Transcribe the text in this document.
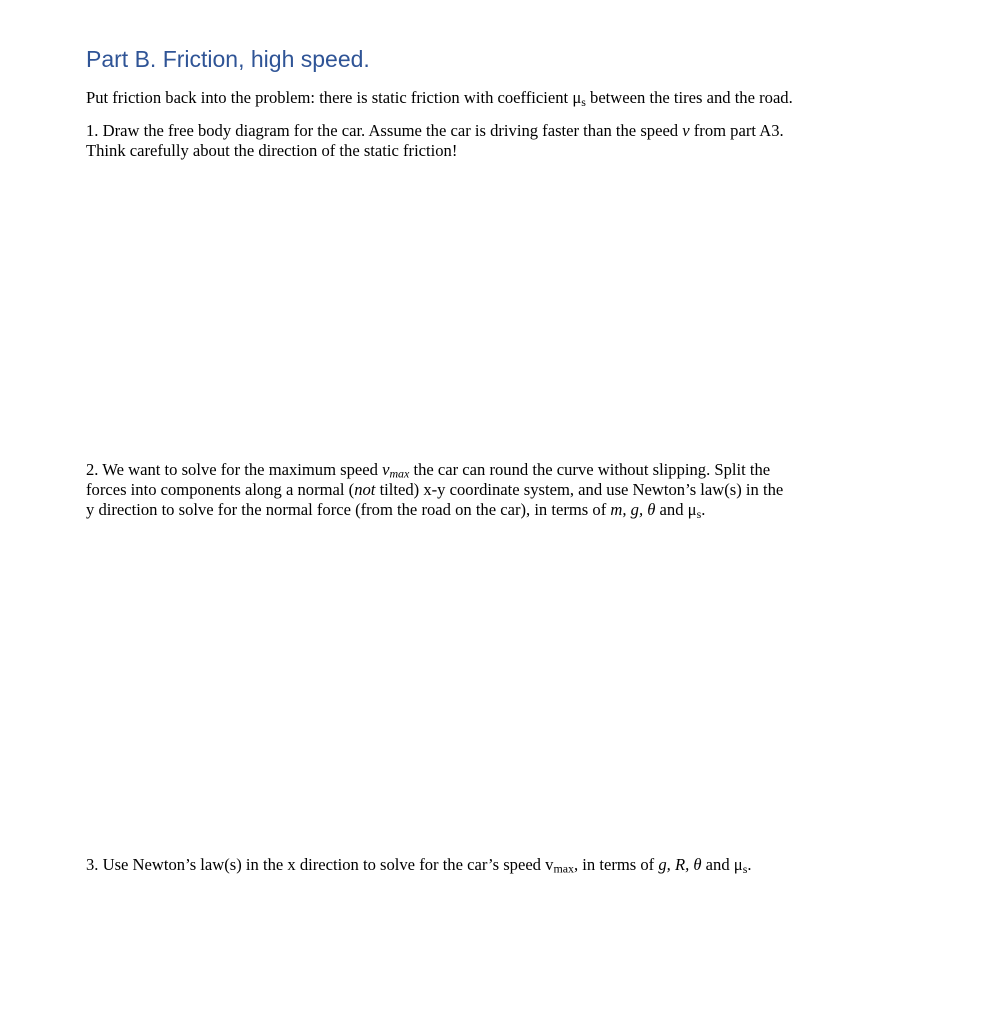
Part B. Friction, high speed.

Put friction back into the problem: there is static friction with coefficient μs between the tires and the road.

1. Draw the free body diagram for the car. Assume the car is driving faster than the speed v from part A3.
Think carefully about the direction of the static friction!

2. We want to solve for the maximum speed vmax the car can round the curve without slipping. Split the
forces into components along a normal (not tilted) x-y coordinate system, and use Newton’s law(s) in the
y direction to solve for the normal force (from the road on the car), in terms of m, g, θ and μs.

3. Use Newton’s law(s) in the x direction to solve for the car’s speed vmax, in terms of g, R, θ and μs.
